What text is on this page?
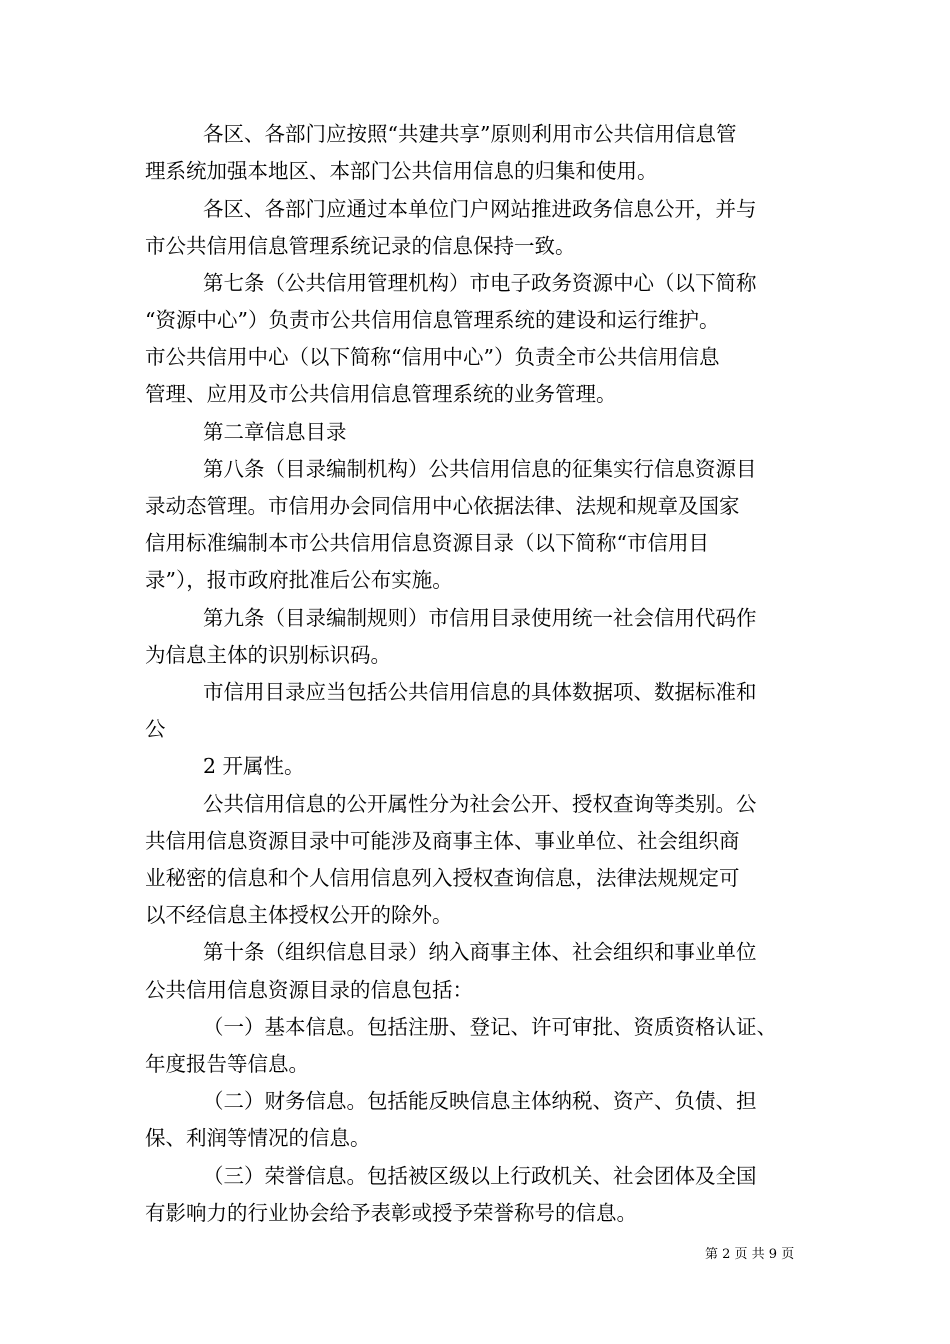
各区、各部门应按照“共建共享”原则利用市公共信用信息管
理系统加强本地区、本部门公共信用信息的归集和使用。
各区、各部门应通过本单位门户网站推进政务信息公开，并与
市公共信用信息管理系统记录的信息保持一致。
第七条（公共信用管理机构）市电子政务资源中心（以下简称
“资源中心”）负责市公共信用信息管理系统的建设和运行维护。
市公共信用中心（以下简称“信用中心”）负责全市公共信用信息
管理、应用及市公共信用信息管理系统的业务管理。
第二章信息目录
第八条（目录编制机构）公共信用信息的征集实行信息资源目
录动态管理。市信用办会同信用中心依据法律、法规和规章及国家
信用标准编制本市公共信用信息资源目录（以下简称“市信用目
录”），报市政府批准后公布实施。
第九条（目录编制规则）市信用目录使用统一社会信用代码作
为信息主体的识别标识码。
市信用目录应当包括公共信用信息的具体数据项、数据标准和
公
2 开属性。
公共信用信息的公开属性分为社会公开、授权查询等类别。公
共信用信息资源目录中可能涉及商事主体、事业单位、社会组织商
业秘密的信息和个人信用信息列入授权查询信息，法律法规规定可
以不经信息主体授权公开的除外。
第十条（组织信息目录）纳入商事主体、社会组织和事业单位
公共信用信息资源目录的信息包括：
（一）基本信息。包括注册、登记、许可审批、资质资格认证、
年度报告等信息。
（二）财务信息。包括能反映信息主体纳税、资产、负债、担
保、利润等情况的信息。
（三）荣誉信息。包括被区级以上行政机关、社会团体及全国
有影响力的行业协会给予表彰或授予荣誉称号的信息。
第 2 页 共 9 页
